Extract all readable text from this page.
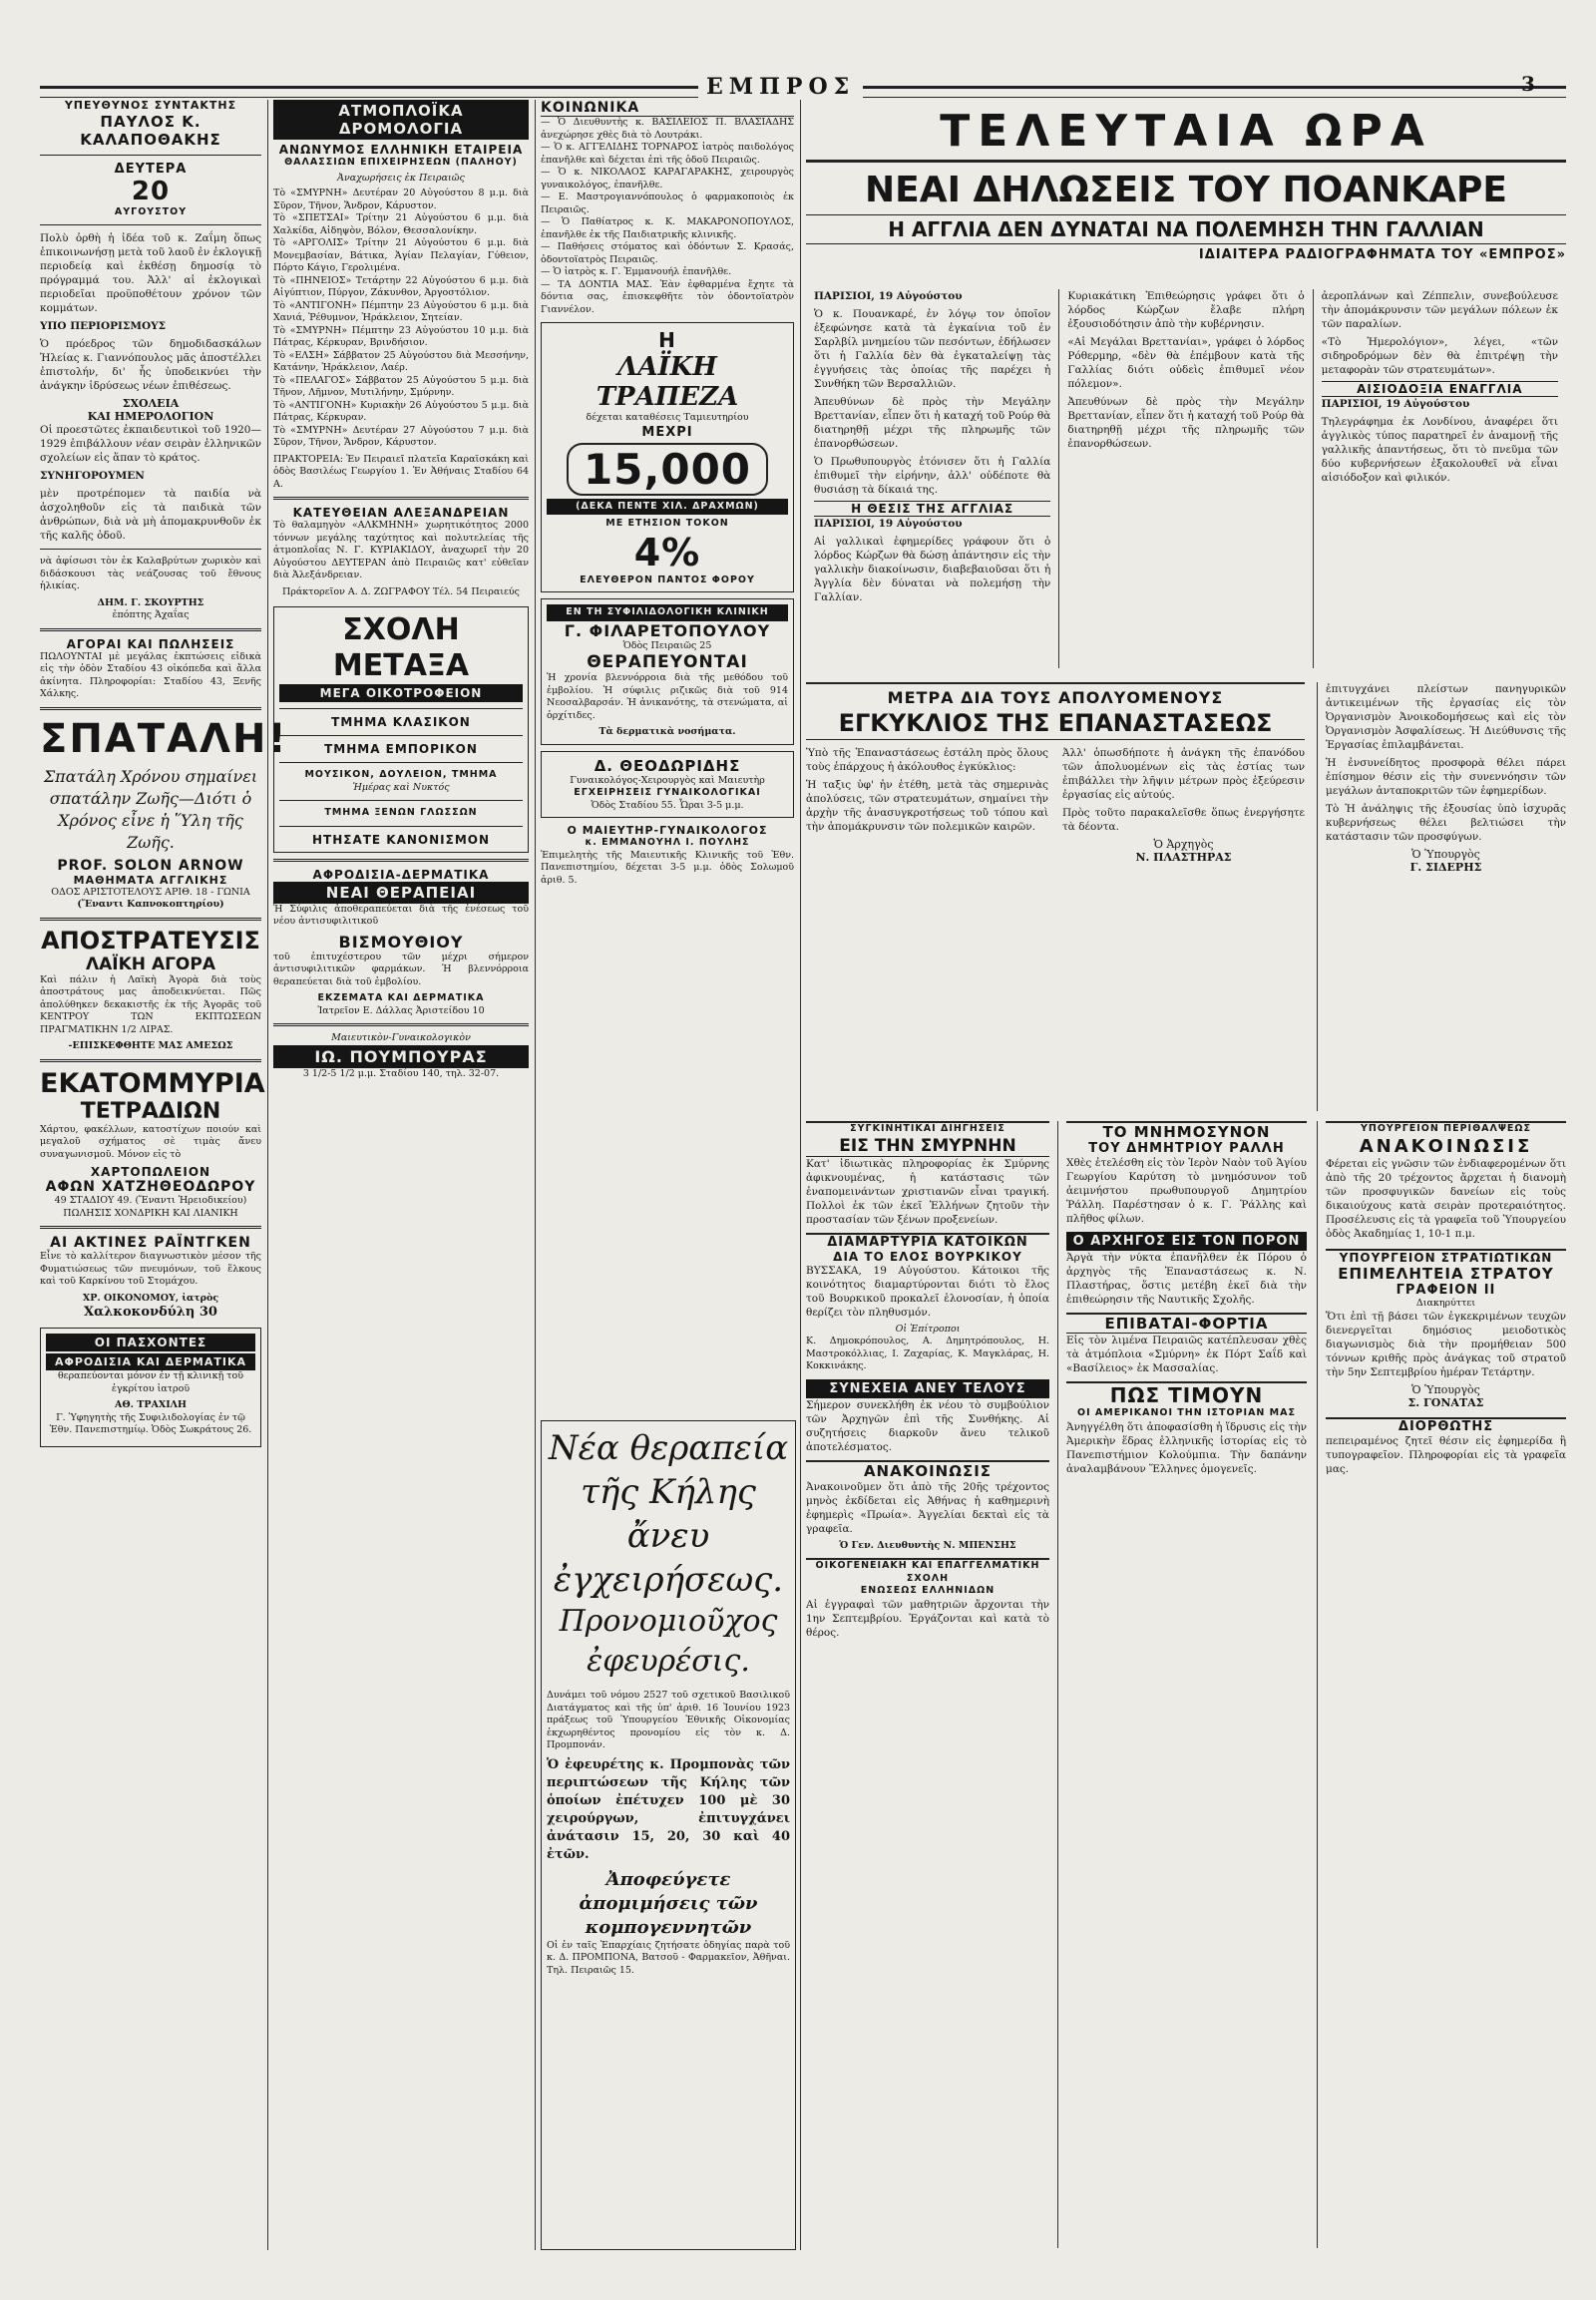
ΕΜΠΡΟΣ	3
ΥΠΕΥΘΥΝΟΣ ΣΥΝΤΑΚΤΗΣ
ΠΑΥΛΟΣ Κ. ΚΑΛΑΠΟΘΑΚΗΣ
ΔΕΥΤΕΡΑ
20
ΑΥΓΟΥΣΤΟΥ

Πολὺ ὀρθὴ ἡ ἰδέα τοῦ κ. Ζαΐμη ὅπως ἐπικοινωνήσῃ μετὰ τοῦ λαοῦ ἐν ἐκλογικῇ περιοδείᾳ καὶ ἐκθέσῃ δημοσίᾳ τὸ πρόγραμμά του. Ἀλλ' αἱ ἐκλογικαὶ περιοδεῖαι προϋποθέτουν χρόνον τῶν κομμάτων.

ΥΠΟ ΠΕΡΙΟΡΙΣΜΟΥΣ

Ὁ πρόεδρος τῶν δημοδιδασκάλων Ἠλείας κ. Γιαννόπουλος μᾶς ἀποστέλλει ἐπιστολήν, δι' ἧς ὑποδεικνύει τὴν ἀνάγκην ἱδρύσεως νέων ἐπιθέσεως.

ΣΧΟΛΕΙΑ
ΚΑΙ ΗΜΕΡΟΛΟΓΙΟΝ

Οἱ προεστῶτες ἐκπαιδευτικοὶ τοῦ 1920—1929 ἐπιβάλλουν νέαν σειρὰν ἑλληνικῶν σχολείων εἰς ἅπαν τὸ κράτος.

ΣΥΝΗΓΟΡΟΥΜΕΝ

μὲν προτρέπομεν τὰ παιδία νὰ ἀσχοληθοῦν εἰς τὰ παιδικὰ τῶν ἀνθρώπων, διὰ νὰ μὴ ἀπομακρυνθοῦν ἐκ τῆς καλῆς ὁδοῦ.

νὰ ἀφίσωσι τὸν ἐκ Καλαβρύτων χωρικὸν καὶ διδάσκουσι τὰς νεάζουσας τοῦ ἔθνους ἡλικίας.

ΔΗΜ. Γ. ΣΚΟΥΡΤΗΣ
ἐπόπτης Ἀχαΐας
ΑΓΟΡΑΙ ΚΑΙ ΠΩΛΗΣΕΙΣ

ΠΩΛΟΥΝΤΑΙ μὲ μεγάλας ἐκπτώσεις εἰδικὰ εἰς τὴν ὁδὸν Σταδίου 43 οἰκόπεδα καὶ ἄλλα ἀκίνητα. Πληροφορίαι: Σταδίου 43, Ξενῆς Χάλκης.

ΣΠΑΤΑΛΗ!

Σπατάλη Χρόνου σημαίνει σπατάλην Ζωῆς—Διότι ὁ Χρόνος εἶνε ἡ Ὕλη τῆς Ζωῆς.

PROF. SOLON ARNOW
ΜΑΘΗΜΑΤΑ ΑΓΓΛΙΚΗΣ
ΟΔΟΣ ΑΡΙΣΤΟΤΕΛΟΥΣ ΑΡΙΘ. 18 - ΓΩΝΙΑ
(Ἔναντι Καπνοκοπτηρίου)
ΑΠΟΣΤΡΑΤΕΥΣΙΣ
ΛΑΪΚΗ ΑΓΟΡΑ

Καὶ πάλιν ἡ Λαϊκὴ Ἀγορὰ διὰ τοὺς ἀποστράτους μας ἀποδεικνύεται. Πῶς ἀπολύθηκεν δεκακιστῆς ἐκ τῆς Ἀγορᾶς τοῦ ΚΕΝΤΡΟΥ ΤΩΝ ΕΚΠΤΩΣΕΩΝ ΠΡΑΓΜΑΤΙΚΗΝ 1/2 ΛΙΡΑΣ.

-ΕΠΙΣΚΕΦΘΗΤΕ ΜΑΣ ΑΜΕΣΩΣ
ΕΚΑΤΟΜΜΥΡΙΑ
ΤΕΤΡΑΔΙΩΝ

Χάρτου, φακέλλων, κατοστίχων ποιούν καὶ μεγαλοῦ σχήματος σὲ τιμὰς ἄνευ συναγωνισμοῦ. Μόνον εἰς τὸ

ΧΑΡΤΟΠΩΛΕΙΟΝ
ΑΦΩΝ ΧΑΤΖΗΘΕΟΔΩΡΟΥ
49 ΣΤΑΔΙΟΥ 49. (Ἔναντι Ἠρειοδικείου)
ΠΩΛΗΣΙΣ ΧΟΝΔΡΙΚΗ ΚΑΙ ΛΙΑΝΙΚΗ
ΑΙ ΑΚΤΙΝΕΣ ΡΑΪΝΤΓΚΕΝ

Εἶνε τὸ καλλίτερον διαγνωστικὸν μέσον τῆς Φυματιώσεως τῶν πνευμόνων, τοῦ ἕλκους καὶ τοῦ Καρκίνου τοῦ Στομάχου.

ΧΡ. ΟΙΚΟΝΟΜΟΥ, ἰατρὸς
Χαλκοκονδύλη 30
ΟΙ ΠΑΣΧΟΝΤΕΣ
ΑΦΡΟΔΙΣΙΑ ΚΑΙ ΔΕΡΜΑΤΙΚΑ

θεραπεύονται μόνον ἐν τῇ κλινικῇ τοῦ ἐγκρίτου ἰατροῦ

ΑΘ. ΤΡΑΧΙΛΗ

Γ. Ὑφηγητὴς τῆς Συφιλιδολογίας ἐν τῷ Ἐθν. Πανεπιστημίῳ. Ὁδὸς Σωκράτους 26.

ΑΤΜΟΠΛΟΪΚΑ ΔΡΟΜΟΛΟΓΙΑ
ΑΝΩΝΥΜΟΣ ΕΛΛΗΝΙΚΗ ΕΤΑΙΡΕΙΑ
ΘΑΛΑΣΣΙΩΝ ΕΠΙΧΕΙΡΗΣΕΩΝ (ΠΑΛΗΟΥ)
Ἀναχωρήσεις ἐκ Πειραιῶς

Τὸ «ΣΜΥΡΝΗ» Δευτέραν 20 Αὐγούστου 8 μ.μ. διὰ Σῦρον, Τῆνον, Ἄνδρον, Κάρυστον.
Τὸ «ΣΠΕΤΣΑΙ» Τρίτην 21 Αὐγούστου 6 μ.μ. διὰ Χαλκίδα, Αἰδηψὸν, Βόλον, Θεσσαλονίκην.
Τὸ «ΑΡΓΟΛΙΣ» Τρίτην 21 Αὐγούστου 6 μ.μ. διὰ Μονεμβασίαν, Βάτικα, Ἁγίαν Πελαγίαν, Γύθειον, Πόρτο Κάγιο, Γερολιμένα.
Τὸ «ΠΗΝΕΙΟΣ» Τετάρτην 22 Αὐγούστου 6 μ.μ. διὰ Αἰγύπτιον, Πύργον, Ζάκυνθον, Ἀργοστόλιον.
Τὸ «ΑΝΤΙΓΟΝΗ» Πέμπτην 23 Αὐγούστου 6 μ.μ. διὰ Χανιά, Ῥέθυμνον, Ἡράκλειον, Σητείαν.
Τὸ «ΣΜΥΡΝΗ» Πέμπτην 23 Αὐγούστου 10 μ.μ. διὰ Πάτρας, Κέρκυραν, Βρινδήσιον.
Τὸ «ΕΛΣΗ» Σάββατον 25 Αὐγούστου διὰ Μεσσήνην, Κατάνην, Ἡράκλειον, Λαέρ.
Τὸ «ΠΕΛΑΓΟΣ» Σάββατον 25 Αὐγούστου 5 μ.μ. διὰ Τῆνον, Λῆμνον, Μυτιλήνην, Σμύρνην.
Τὸ «ΑΝΤΙΓΟΝΗ» Κυριακὴν 26 Αὐγούστου 5 μ.μ. διὰ Πάτρας, Κέρκυραν.
Τὸ «ΣΜΥΡΝΗ» Δευτέραν 27 Αὐγούστου 7 μ.μ. διὰ Σῦρον, Τῆνον, Ἄνδρον, Κάρυστον.

ΠΡΑΚΤΟΡΕΙΑ: Ἐν Πειραιεῖ πλατεῖα Καραϊσκάκη καὶ ὁδὸς Βασιλέως Γεωργίου 1. Ἐν Ἀθήναις Σταδίου 64 Α.

ΚΑΤΕΥΘΕΙΑΝ ΑΛΕΞΑΝΔΡΕΙΑΝ

Τὸ θαλαμηγὸν «ΑΛΚΜΗΝΗ» χωρητικότητος 2000 τόννων μεγάλης ταχύτητος καὶ πολυτελείας τῆς ἀτμοπλοΐας Ν. Γ. ΚΥΡΙΑΚΙΔΟΥ, ἀναχωρεῖ τὴν 20 Αὐγούστου ΔΕΥΤΕΡΑΝ ἀπὸ Πειραιῶς κατ' εὐθεῖαν διὰ Ἀλεξάνδρειαν.

Πράκτορεῖον Α. Δ. ΖΩΓΡΑΦΟΥ Τέλ. 54 Πειραιεύς
ΣΧΟΛΗ ΜΕΤΑΞΑ
ΜΕΓΑ ΟΙΚΟΤΡΟΦΕΙΟΝ
ΤΜΗΜΑ ΚΛΑΣΙΚΟΝ
ΤΜΗΜΑ ΕΜΠΟΡΙΚΟΝ
ΜΟΥΣΙΚΟΝ, ΔΟΥΛΕΙΟΝ, ΤΜΗΜΑ
Ἡμέρας καὶ Νυκτός
ΤΜΗΜΑ ΞΕΝΩΝ ΓΛΩΣΣΩΝ
ΗΤΗΣΑΤΕ ΚΑΝΟΝΙΣΜΟΝ
ΑΦΡΟΔΙΣΙΑ-ΔΕΡΜΑΤΙΚΑ
ΝΕΑΙ ΘΕΡΑΠΕΙΑΙ

Ἡ Σύφιλις ἀποθεραπεύεται διὰ τῆς ἐνέσεως τοῦ νέου ἀντισυφιλιτικοῦ

ΒΙΣΜΟΥΘΙΟΥ

τοῦ ἐπιτυχέστερου τῶν μέχρι σήμερον ἀντισυφιλιτικῶν φαρμάκων. Ἡ βλεννόρροια θεραπεύεται διὰ τοῦ ἐμβολίου.

ΕΚΖΕΜΑΤΑ ΚΑΙ ΔΕΡΜΑΤΙΚΑ
Ἰατρεῖον Ε. Δάλλας Ἀριστείδου 10
Μαιευτικὸν-Γυναικολογικὸν
ΙΩ. ΠΟΥΜΠΟΥΡΑΣ
3 1/2-5 1/2 μ.μ. Σταδίου 140, τηλ. 32-07.
ΚΟΙΝΩΝΙΚΑ

— Ὁ Διευθυντὴς κ. ΒΑΣΙΛΕΙΟΣ Π. ΒΛΑΣΙΑΔΗΣ ἀνεχώρησε χθὲς διὰ τὸ Λουτράκι.
— Ὁ κ. ΑΓΓΕΛΙΔΗΣ ΤΟΡΝΑΡΟΣ ἰατρὸς παιδολόγος ἐπανῆλθε καὶ δέχεται ἐπὶ τῆς ὁδοῦ Πειραιῶς.
— Ὁ κ. ΝΙΚΟΛΑΟΣ ΚΑΡΑΓΑΡΑΚΗΣ, χειρουργὸς γυναικολόγος, ἐπανῆλθε.
— Ε. Μαστρογιαννόπουλος ὁ φαρμακοποιὸς ἐκ Πειραιῶς.
— Ὁ Παθίατρος κ. Κ. ΜΑΚΑΡΟΝΟΠΟΥΛΟΣ, ἐπανῆλθε ἐκ τῆς Παιδιατρικῆς κλινικῆς.
— Παθήσεις στόματος καὶ ὀδόντων Σ. Κρασάς, ὀδοντοϊατρὸς Πειραιῶς.
— Ὁ ἰατρὸς κ. Γ. Ἐμμανουήλ ἐπανῆλθε.
— ΤΑ ΔΟΝΤΙΑ ΜΑΣ. Ἐὰν ἐφθαρμένα ἔχητε τὰ δόντια σας, ἐπισκεφθῆτε τὸν ὀδοντοϊατρὸν Γιαννέλον.

Η
ΛΑΪΚΗ ΤΡΑΠΕΖΑ
δέχεται καταθέσεις Ταμιευτηρίου
ΜΕΧΡΙ
15,000
(ΔΕΚΑ ΠΕΝΤΕ ΧΙΛ. ΔΡΑΧΜΩΝ)
ΜΕ ΕΤΗΣΙΟΝ ΤΟΚΟΝ
4%
ΕΛΕΥΘΕΡΟΝ ΠΑΝΤΟΣ ΦΟΡΟΥ
ΕΝ ΤΗ ΣΥΦΙΛΙΔΟΛΟΓΙΚΗ ΚΛΙΝΙΚΗ
Γ. ΦΙΛΑΡΕΤΟΠΟΥΛΟΥ
Ὁδὸς Πειραιῶς 25
ΘΕΡΑΠΕΥΟΝΤΑΙ

Ἡ χρονία βλεννόρροια διὰ τῆς μεθόδου τοῦ ἐμβολίου. Ἡ σύφιλις ριζικῶς διὰ τοῦ 914 Νεοσαλβαρσάν. Ἡ ἀνικανότης, τὰ στενώματα, αἱ ὀρχίτιδες.

Τὰ δερματικὰ νοσήματα.
Δ. ΘΕΟΔΩΡΙΔΗΣ
Γυναικολόγος-Χειρουργὸς καὶ Μαιευτὴρ
ΕΓΧΕΙΡΗΣΕΙΣ ΓΥΝΑΙΚΟΛΟΓΙΚΑΙ
Ὁδὸς Σταδίου 55. Ὧραι 3-5 μ.μ.
Ο ΜΑΙΕΥΤΗΡ-ΓΥΝΑΙΚΟΛΟΓΟΣ
κ. ΕΜΜΑΝΟΥΗΛ Ι. ΠΟΥΛΗΣ

Ἐπιμελητὴς τῆς Μαιευτικῆς Κλινικῆς τοῦ Ἐθν. Πανεπιστημίου, δέχεται 3-5 μ.μ. ὁδὸς Σολωμοῦ ἀριθ. 5.

Νέα θεραπεία τῆς Κήλης
ἄνευ ἐγχειρήσεως.
Προνομιοῦχος ἐφευρέσις.

Δυνάμει τοῦ νόμου 2527 τοῦ σχετικοῦ Βασιλικοῦ Διατάγματος καὶ τῆς ὑπ' ἀριθ. 16 Ἰουνίου 1923 πράξεως τοῦ Ὑπουργείου Ἐθνικῆς Οἰκονομίας ἐκχωρηθέντος προνομίου εἰς τὸν κ. Δ. Προμπονάν.

Ὁ ἐφευρέτης κ. Προμπονὰς τῶν περιπτώσεων τῆς Κήλης τῶν ὁποίων ἐπέτυχεν 100 μὲ 30 χειρούργων, ἐπιτυγχάνει ἀνάτασιν 15, 20, 30 καὶ 40 ἐτῶν.

Ἀποφεύγετε ἀπομιμήσεις τῶν κομπογεννητῶν

Οἱ ἐν ταῖς Ἐπαρχίαις ζητήσατε ὁδηγίας παρὰ τοῦ κ. Δ. ΠΡΟΜΠΟΝΑ, Βατσοῦ - Φαρμακεῖον, Ἀθῆναι. Τηλ. Πειραιῶς 15.

ΤΕΛΕΥΤΑΙΑ ΩΡΑ
ΝΕΑΙ ΔΗΛΩΣΕΙΣ ΤΟΥ ΠΟΑΝΚΑΡΕ
Η ΑΓΓΛΙΑ ΔΕΝ ΔΥΝΑΤΑΙ ΝΑ ΠΟΛΕΜΗΣΗ ΤΗΝ ΓΑΛΛΙΑΝ
ΙΔΙΑΙΤΕΡΑ ΡΑΔΙΟΓΡΑΦΗΜΑΤΑ ΤΟΥ «ΕΜΠΡΟΣ»

ΠΑΡΙΣΙΟΙ, 19 Αὐγούστου

Ὁ κ. Πουανκαρέ, ἐν λόγῳ τον ὁποῖον ἐξεφώνησε κατὰ τὰ ἐγκαίνια τοῦ ἐν Σαρλβίλ μνημείου τῶν πεσόντων, ἐδήλωσεν ὅτι ἡ Γαλλία δὲν θὰ ἐγκαταλείψῃ τὰς ἐγγυήσεις τὰς ὁποίας τῆς παρέχει ἡ Συνθήκη τῶν Βερσαλλιῶν.

Ἀπευθύνων δὲ πρὸς τὴν Μεγάλην Βρεττανίαν, εἶπεν ὅτι ἡ καταχή τοῦ Ρούρ θὰ διατηρηθῇ μέχρι τῆς πληρωμῆς τῶν ἐπανορθώσεων.

Ὁ Πρωθυπουργὸς ἐτόνισεν ὅτι ἡ Γαλλία ἐπιθυμεῖ τὴν εἰρήνην, ἀλλ' οὐδέποτε θὰ θυσιάσῃ τὰ δίκαιά της.

Η ΘΕΣΙΣ ΤΗΣ ΑΓΓΛΙΑΣ

ΠΑΡΙΣΙΟΙ, 19 Αὐγούστου

Αἱ γαλλικαὶ ἐφημερίδες γράφουν ὅτι ὁ λόρδος Κώρζων θὰ δώσῃ ἀπάντησιν εἰς τὴν γαλλικὴν διακοίνωσιν, διαβεβαιοῦσαι ὅτι ἡ Ἀγγλία δὲν δύναται νὰ πολεμήσῃ τὴν Γαλλίαν.

Κυριακάτικη Ἐπιθεώρησις γράφει ὅτι ὁ λόρδος Κώρζων ἔλαβε πλήρη ἐξουσιοδότησιν ἀπὸ τὴν κυβέρνησιν.

«Αἱ Μεγάλαι Βρεττανίαι», γράφει ὁ λόρδος Ρόθερμηρ, «δὲν θὰ ἐπέμβουν κατὰ τῆς Γαλλίας διότι οὐδεὶς ἐπιθυμεῖ νέον πόλεμον».

Ἀπευθύνων δὲ πρὸς τὴν Μεγάλην Βρεττανίαν, εἶπεν ὅτι ἡ καταχή τοῦ Ρούρ θὰ διατηρηθῇ μέχρι τῆς πληρωμῆς τῶν ἐπανορθώσεων.

ἀεροπλάνων καὶ Ζέππελιν, συνεβούλευσε τὴν ἀπομάκρυνσιν τῶν μεγάλων πόλεων ἐκ τῶν παραλίων.

«Τὸ Ἡμερολόγιον», λέγει, «τῶν σιδηροδρόμων δὲν θὰ ἐπιτρέψῃ τὴν μεταφορὰν τῶν στρατευμάτων».

ΑΙΣΙΟΔΟΞΙΑ ΕΝΑΓΓΛΙΑ

ΠΑΡΙΣΙΟΙ, 19 Αὐγούστου

Τηλεγράφημα ἐκ Λονδίνου, ἀναφέρει ὅτι ἀγγλικὸς τύπος παρατηρεῖ ἐν ἀναμονῇ τῆς γαλλικῆς ἀπαντήσεως, ὅτι τὸ πνεῦμα τῶν δύο κυβερνήσεων ἐξακολουθεῖ νὰ εἶναι αἰσιόδοξον καὶ φιλικόν.

ΜΕΤΡΑ ΔΙΑ ΤΟΥΣ ΑΠΟΛΥΟΜΕΝΟΥΣ
ΕΓΚΥΚΛΙΟΣ ΤΗΣ ΕΠΑΝΑΣΤΑΣΕΩΣ

Ὑπὸ τῆς Ἐπαναστάσεως ἐστάλη πρὸς ὅλους τοὺς ἐπάρχους ἡ ἀκόλουθος ἐγκύκλιος:

Ἡ ταξις ὑφ' ἡν ἐτέθη, μετὰ τὰς σημερινὰς ἀπολύσεις, τῶν στρατευμάτων, σημαίνει τὴν ἀρχὴν τῆς ἀνασυγκροτήσεως τοῦ τόπου καὶ τὴν ἀπομάκρυνσιν τῶν πολεμικῶν καιρῶν.

Ἀλλ' ὁπωσδήποτε ἡ ἀνάγκη τῆς ἐπανόδου τῶν ἀπολυομένων εἰς τὰς ἐστίας των ἐπιβάλλει τὴν λῆψιν μέτρων πρὸς ἐξεύρεσιν ἐργασίας εἰς αὐτούς.

Πρὸς τοῦτο παρακαλεῖσθε ὅπως ἐνεργήσητε τὰ δέοντα.

Ὁ Ἀρχηγὸς
Ν. ΠΛΑΣΤΗΡΑΣ

ἐπιτυγχάνει πλείστων πανηγυρικῶν ἀντικειμένων τῆς ἐργασίας εἰς τὸν Ὀργανισμὸν Ἀνοικοδομήσεως καὶ εἰς τὸν Ὀργανισμὸν Ἀσφαλίσεως. Ἡ Διεύθυνσις τῆς Ἐργασίας ἐπιλαμβάνεται.

Ἡ ἐνσυνείδητος προσφορὰ θέλει πάρει ἐπίσημον θέσιν εἰς τὴν συνεννόησιν τῶν μεγάλων ἀνταποκριτῶν τῶν ἐφημερίδων.

Τὸ Ἡ ἀνάληψις τῆς ἐξουσίας ὑπὸ ἰσχυρᾶς κυβερνήσεως θέλει βελτιώσει τὴν κατάστασιν τῶν προσφύγων.

Ὁ Ὑπουργὸς
Γ. ΣΙΔΕΡΗΣ
ΣΥΓΚΙΝΗΤΙΚΑΙ ΔΙΗΓΗΣΕΙΣ
ΕΙΣ ΤΗΝ ΣΜΥΡΝΗΝ

Κατ' ἰδιωτικὰς πληροφορίας ἐκ Σμύρνης ἀφικνουμένας, ἡ κατάστασις τῶν ἐναπομεινάντων χριστιανῶν εἶναι τραγική. Πολλοὶ ἐκ τῶν ἐκεῖ Ἑλλήνων ζητοῦν τὴν προστασίαν τῶν ξένων προξενείων.

ΔΙΑΜΑΡΤΥΡΙΑ ΚΑΤΟΙΚΩΝ
ΔΙΑ ΤΟ ΕΛΟΣ ΒΟΥΡΚΙΚΟΥ

ΒΥΣΣΑΚΑ, 19 Αὐγούστου. Κάτοικοι τῆς κοινότητος διαμαρτύρονται διότι τὸ ἔλος τοῦ Βουρκικοῦ προκαλεῖ ἑλονοσίαν, ἡ ὁποία θερίζει τὸν πληθυσμόν.

Οἱ Ἐπίτροποι

Κ. Δημοκρόπουλος, Α. Δημητρόπουλος, Η. Μαστροκόλλιας, Ι. Ζαχαρίας, Κ. Μαγκλάρας, Η. Κοκκινάκης.

ΣΥΝΕΧΕΙΑ ΑΝΕΥ ΤΕΛΟΥΣ

Σήμερον συνεκλήθη ἐκ νέου τὸ συμβούλιον τῶν Ἀρχηγῶν ἐπὶ τῆς Συνθήκης. Αἱ συζητήσεις διαρκοῦν ἄνευ τελικοῦ ἀποτελέσματος.

ΑΝΑΚΟΙΝΩΣΙΣ

Ἀνακοινοῦμεν ὅτι ἀπὸ τῆς 20ῆς τρέχοντος μηνὸς ἐκδίδεται εἰς Ἀθήνας ἡ καθημερινὴ ἐφημερὶς «Πρωία». Ἀγγελίαι δεκταὶ εἰς τὰ γραφεῖα.

Ὁ Γεν. Διευθυντὴς Ν. ΜΠΕΝΣΗΣ
ΟΙΚΟΓΕΝΕΙΑΚΗ ΚΑΙ ΕΠΑΓΓΕΛΜΑΤΙΚΗ ΣΧΟΛΗ
ΕΝΩΣΕΩΣ ΕΛΛΗΝΙΔΩΝ

Αἱ ἐγγραφαὶ τῶν μαθητριῶν ἄρχονται τὴν 1ην Σεπτεμβρίου. Ἐργάζονται καὶ κατὰ τὸ θέρος.

ΤΟ ΜΝΗΜΟΣΥΝΟΝ
ΤΟΥ ΔΗΜΗΤΡΙΟΥ ΡΑΛΛΗ

Χθὲς ἐτελέσθη εἰς τὸν Ἱερὸν Ναὸν τοῦ Ἁγίου Γεωργίου Καρύτση τὸ μνημόσυνον τοῦ ἀειμνήστου πρωθυπουργοῦ Δημητρίου Ῥάλλη. Παρέστησαν ὁ κ. Γ. Ῥάλλης καὶ πλῆθος φίλων.

Ο ΑΡΧΗΓΟΣ ΕΙΣ ΤΟΝ ΠΟΡΟΝ

Ἀργὰ τὴν νύκτα ἐπανῆλθεν ἐκ Πόρου ὁ ἀρχηγὸς τῆς Ἐπαναστάσεως κ. Ν. Πλαστήρας, ὅστις μετέβη ἐκεῖ διὰ τὴν ἐπιθεώρησιν τῆς Ναυτικῆς Σχολῆς.

ΕΠΙΒΑΤΑΙ-ΦΟΡΤΙΑ

Εἰς τὸν λιμένα Πειραιῶς κατέπλευσαν χθὲς τὰ ἀτμόπλοια «Σμύρνη» ἐκ Πόρτ Σαΐδ καὶ «Βασίλειος» ἐκ Μασσαλίας.

ΠΩΣ ΤΙΜΟΥΝ
ΟΙ ΑΜΕΡΙΚΑΝΟΙ ΤΗΝ ΙΣΤΟΡΙΑΝ ΜΑΣ

Ἀνηγγέλθη ὅτι ἀποφασίσθη ἡ ἵδρυσις εἰς τὴν Ἀμερικὴν ἕδρας ἑλληνικῆς ἱστορίας εἰς τὸ Πανεπιστήμιον Κολούμπια. Τὴν δαπάνην ἀναλαμβάνουν Ἕλληνες ὁμογενεῖς.

ΥΠΟΥΡΓΕΙΟΝ ΠΕΡΙΘΑΛΨΕΩΣ
ΑΝΑΚΟΙΝΩΣΙΣ

Φέρεται εἰς γνῶσιν τῶν ἐνδιαφερομένων ὅτι ἀπὸ τῆς 20 τρέχοντος ἄρχεται ἡ διανομὴ τῶν προσφυγικῶν δανείων εἰς τοὺς δικαιούχους κατὰ σειρὰν προτεραιότητος. Προσέλευσις εἰς τὰ γραφεῖα τοῦ Ὑπουργείου ὁδὸς Ἀκαδημίας 1, 10-1 π.μ.

ΥΠΟΥΡΓΕΙΟΝ ΣΤΡΑΤΙΩΤΙΚΩΝ
ΕΠΙΜΕΛΗΤΕΙΑ ΣΤΡΑΤΟΥ
ΓΡΑΦΕΙΟΝ ΙΙ
Διακηρύττει

Ὅτι ἐπὶ τῇ βάσει τῶν ἐγκεκριμένων τευχῶν διενεργεῖται δημόσιος μειοδοτικὸς διαγωνισμὸς διὰ τὴν προμήθειαν 500 τόννων κριθῆς πρὸς ἀνάγκας τοῦ στρατοῦ τὴν 5ην Σεπτεμβρίου ἡμέραν Τετάρτην.

Ὁ Ὑπουργὸς
Σ. ΓΟΝΑΤΑΣ
ΔΙΟΡΘΩΤΗΣ

πεπειραμένος ζητεῖ θέσιν εἰς ἐφημερίδα ἢ τυπογραφεῖον. Πληροφορίαι εἰς τὰ γραφεῖα μας.
